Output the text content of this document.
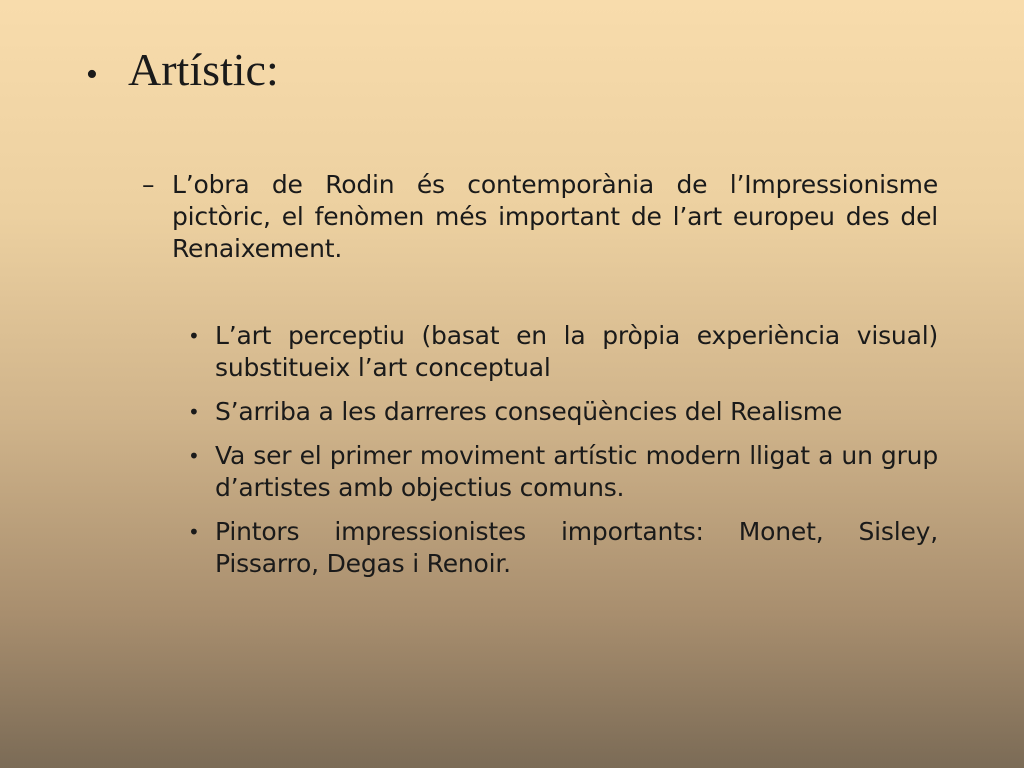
• Artístic:
– L’obra de Rodin és contemporània de l’Impressionisme pictòric, el fenòmen més important de l’art europeu des del Renaixement.
• L’art perceptiu (basat en la pròpia experiència visual) substitueix l’art conceptual
• S’arriba a les darreres conseqüències del Realisme
• Va ser el primer moviment artístic modern lligat a un grup d’artistes amb objectius comuns.
• Pintors impressionistes importants: Monet, Sisley, Pissarro, Degas i Renoir.
